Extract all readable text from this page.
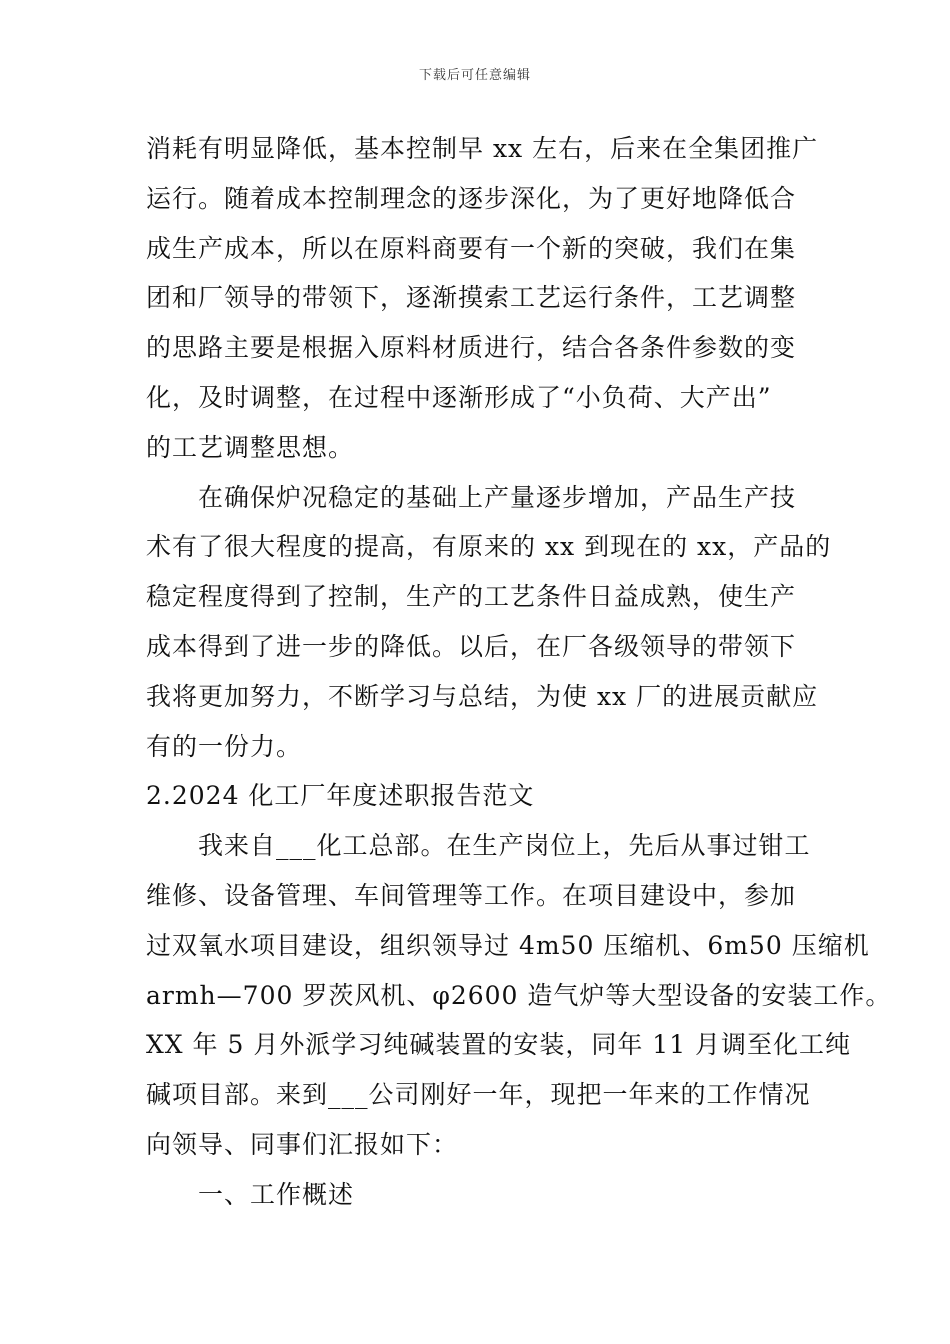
下载后可任意编辑
消耗有明显降低，基本控制早 xx 左右，后来在全集团推广
运行。随着成本控制理念的逐步深化，为了更好地降低合
成生产成本，所以在原料商要有一个新的突破，我们在集
团和厂领导的带领下，逐渐摸索工艺运行条件，工艺调整
的思路主要是根据入原料材质进行，结合各条件参数的变
化，及时调整，在过程中逐渐形成了“小负荷、大产出”
的工艺调整思想。
在确保炉况稳定的基础上产量逐步增加，产品生产技
术有了很大程度的提高，有原来的 xx 到现在的 xx，产品的
稳定程度得到了控制，生产的工艺条件日益成熟，使生产
成本得到了进一步的降低。以后，在厂各级领导的带领下
我将更加努力，不断学习与总结，为使 xx 厂的进展贡献应
有的一份力。
2.2024 化工厂年度述职报告范文
我来自___化工总部。在生产岗位上，先后从事过钳工
维修、设备管理、车间管理等工作。在项目建设中，参加
过双氧水项目建设，组织领导过 4m50 压缩机、6m50 压缩机
armh—700 罗茨风机、φ2600 造气炉等大型设备的安装工作。
XX 年 5 月外派学习纯碱装置的安装，同年 11 月调至化工纯
碱项目部。来到___公司刚好一年，现把一年来的工作情况
向领导、同事们汇报如下：
一、工作概述
